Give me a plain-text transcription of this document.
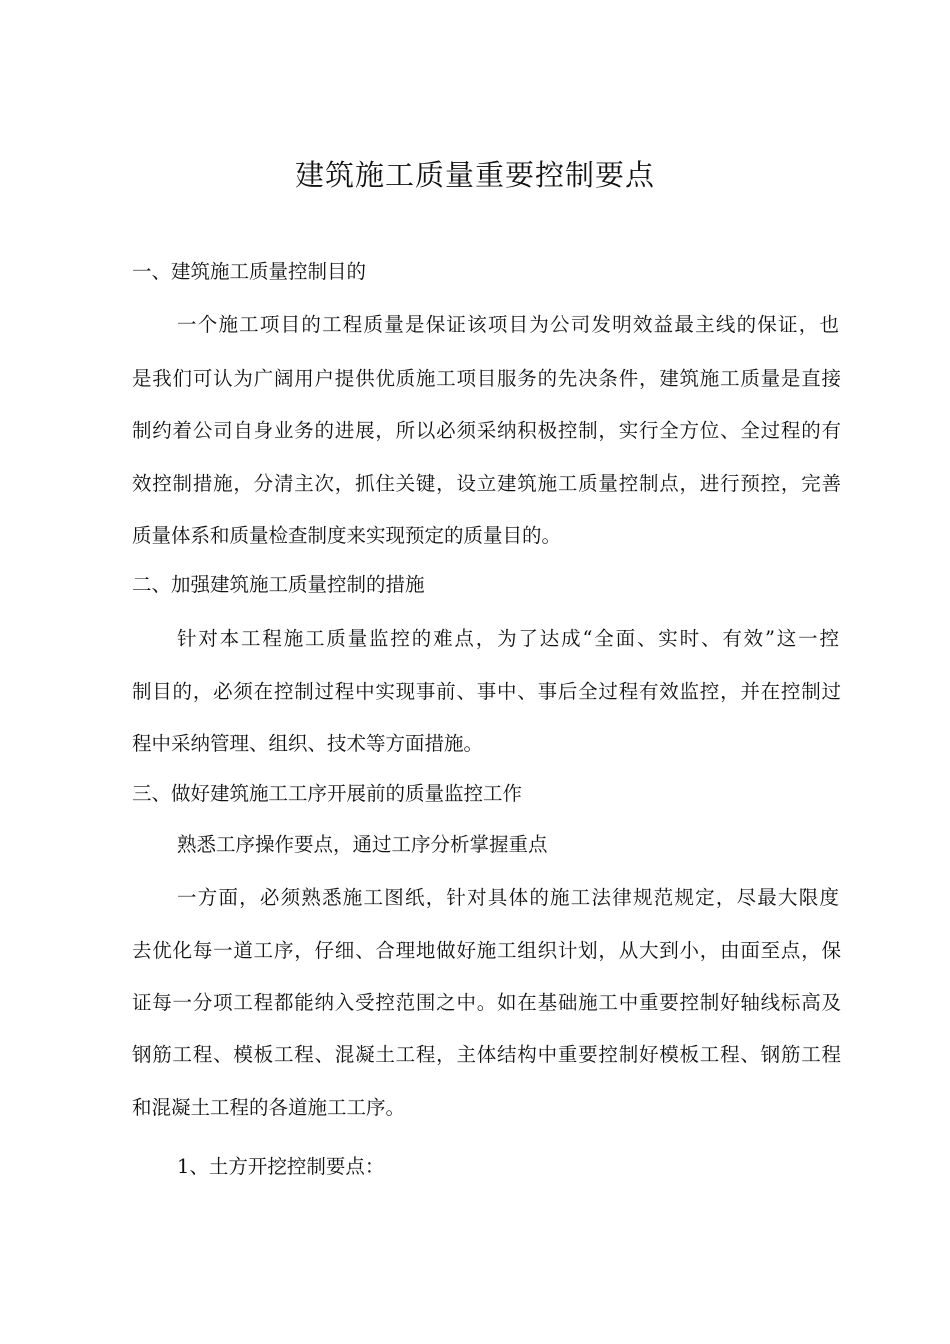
建筑施工质量重要控制要点
一、建筑施工质量控制目的
一个施工项目的工程质量是保证该项目为公司发明效益最主线的保证，也
是我们可认为广阔用户提供优质施工项目服务的先决条件，建筑施工质量是直接
制约着公司自身业务的进展，所以必须采纳积极控制，实行全方位、全过程的有
效控制措施，分清主次，抓住关键，设立建筑施工质量控制点，进行预控，完善
质量体系和质量检查制度来实现预定的质量目的。
二、加强建筑施工质量控制的措施
针对本工程施工质量监控的难点，为了达成“全面、实时、有效”这一控
制目的，必须在控制过程中实现事前、事中、事后全过程有效监控，并在控制过
程中采纳管理、组织、技术等方面措施。
三、做好建筑施工工序开展前的质量监控工作
熟悉工序操作要点，通过工序分析掌握重点
一方面，必须熟悉施工图纸，针对具体的施工法律规范规定，尽最大限度
去优化每一道工序，仔细、合理地做好施工组织计划，从大到小，由面至点，保
证每一分项工程都能纳入受控范围之中。如在基础施工中重要控制好轴线标高及
钢筋工程、模板工程、混凝土工程，主体结构中重要控制好模板工程、钢筋工程
和混凝土工程的各道施工工序。
1、土方开挖控制要点：
